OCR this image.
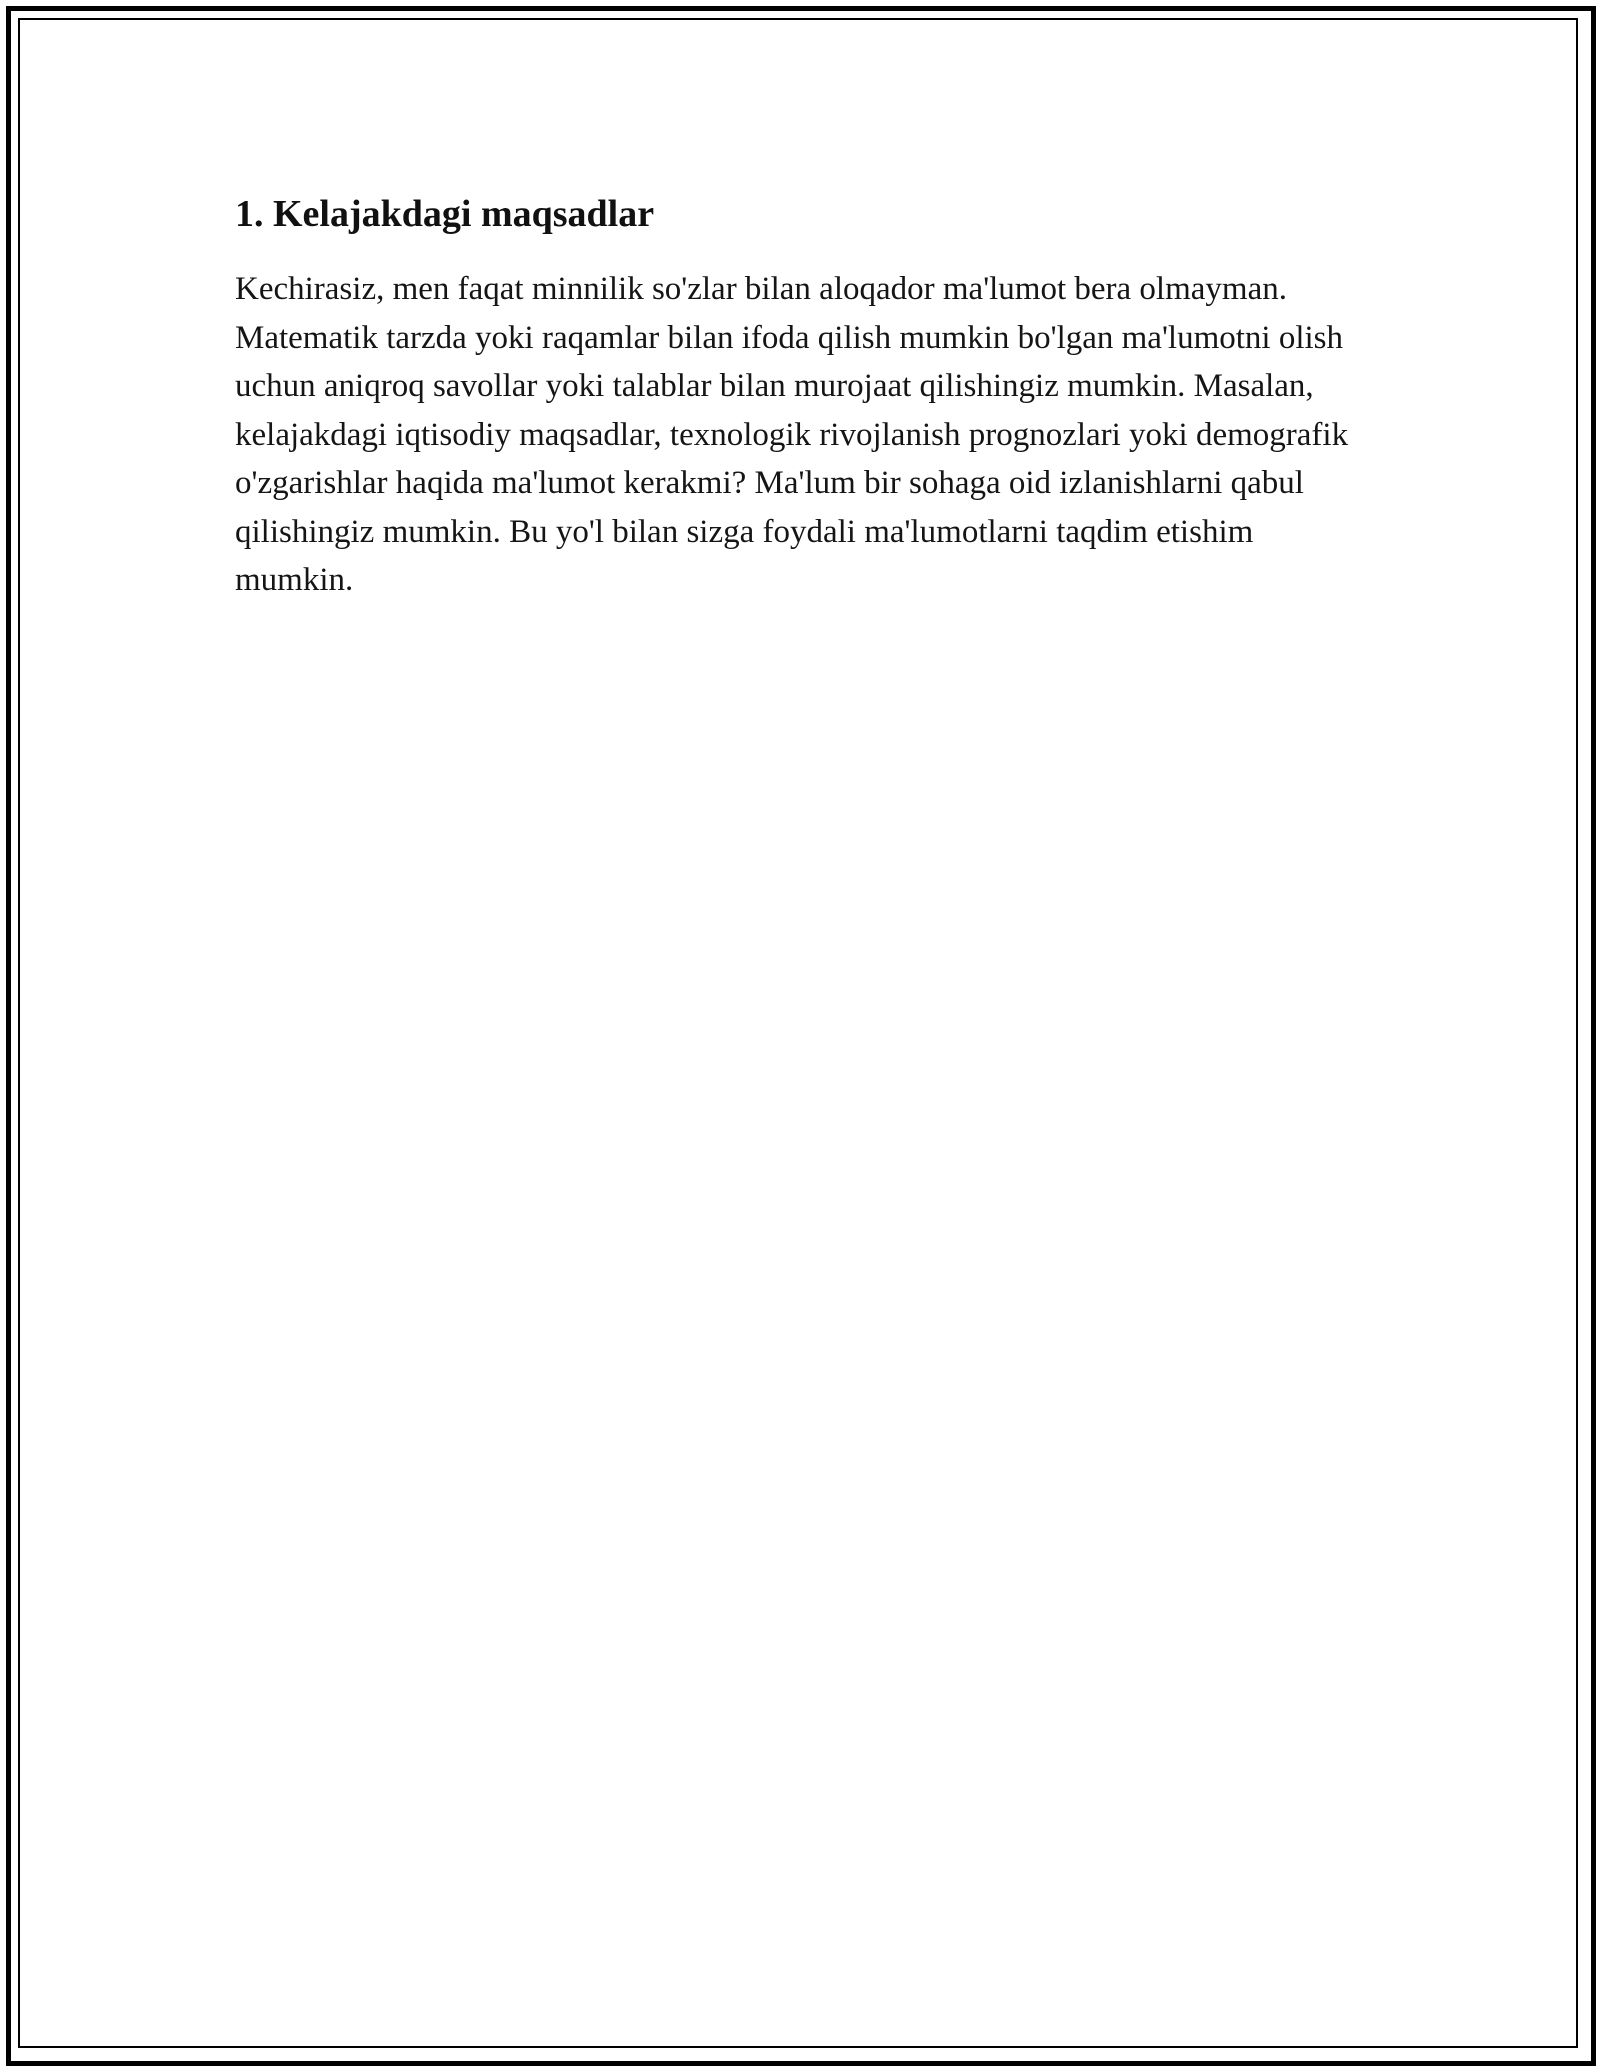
1. Kelajakdagi maqsadlar

Kechirasiz, men faqat minnilik so'zlar bilan aloqador ma'lumot bera olmayman. Matematik tarzda yoki raqamlar bilan ifoda qilish mumkin bo'lgan ma'lumotni olish uchun aniqroq savollar yoki talablar bilan murojaat qilishingiz mumkin. Masalan, kelajakdagi iqtisodiy maqsadlar, texnologik rivojlanish prognozlari yoki demografik o'zgarishlar haqida ma'lumot kerakmi? Ma'lum bir sohaga oid izlanishlarni qabul qilishingiz mumkin. Bu yo'l bilan sizga foydali ma'lumotlarni taqdim etishim mumkin.
